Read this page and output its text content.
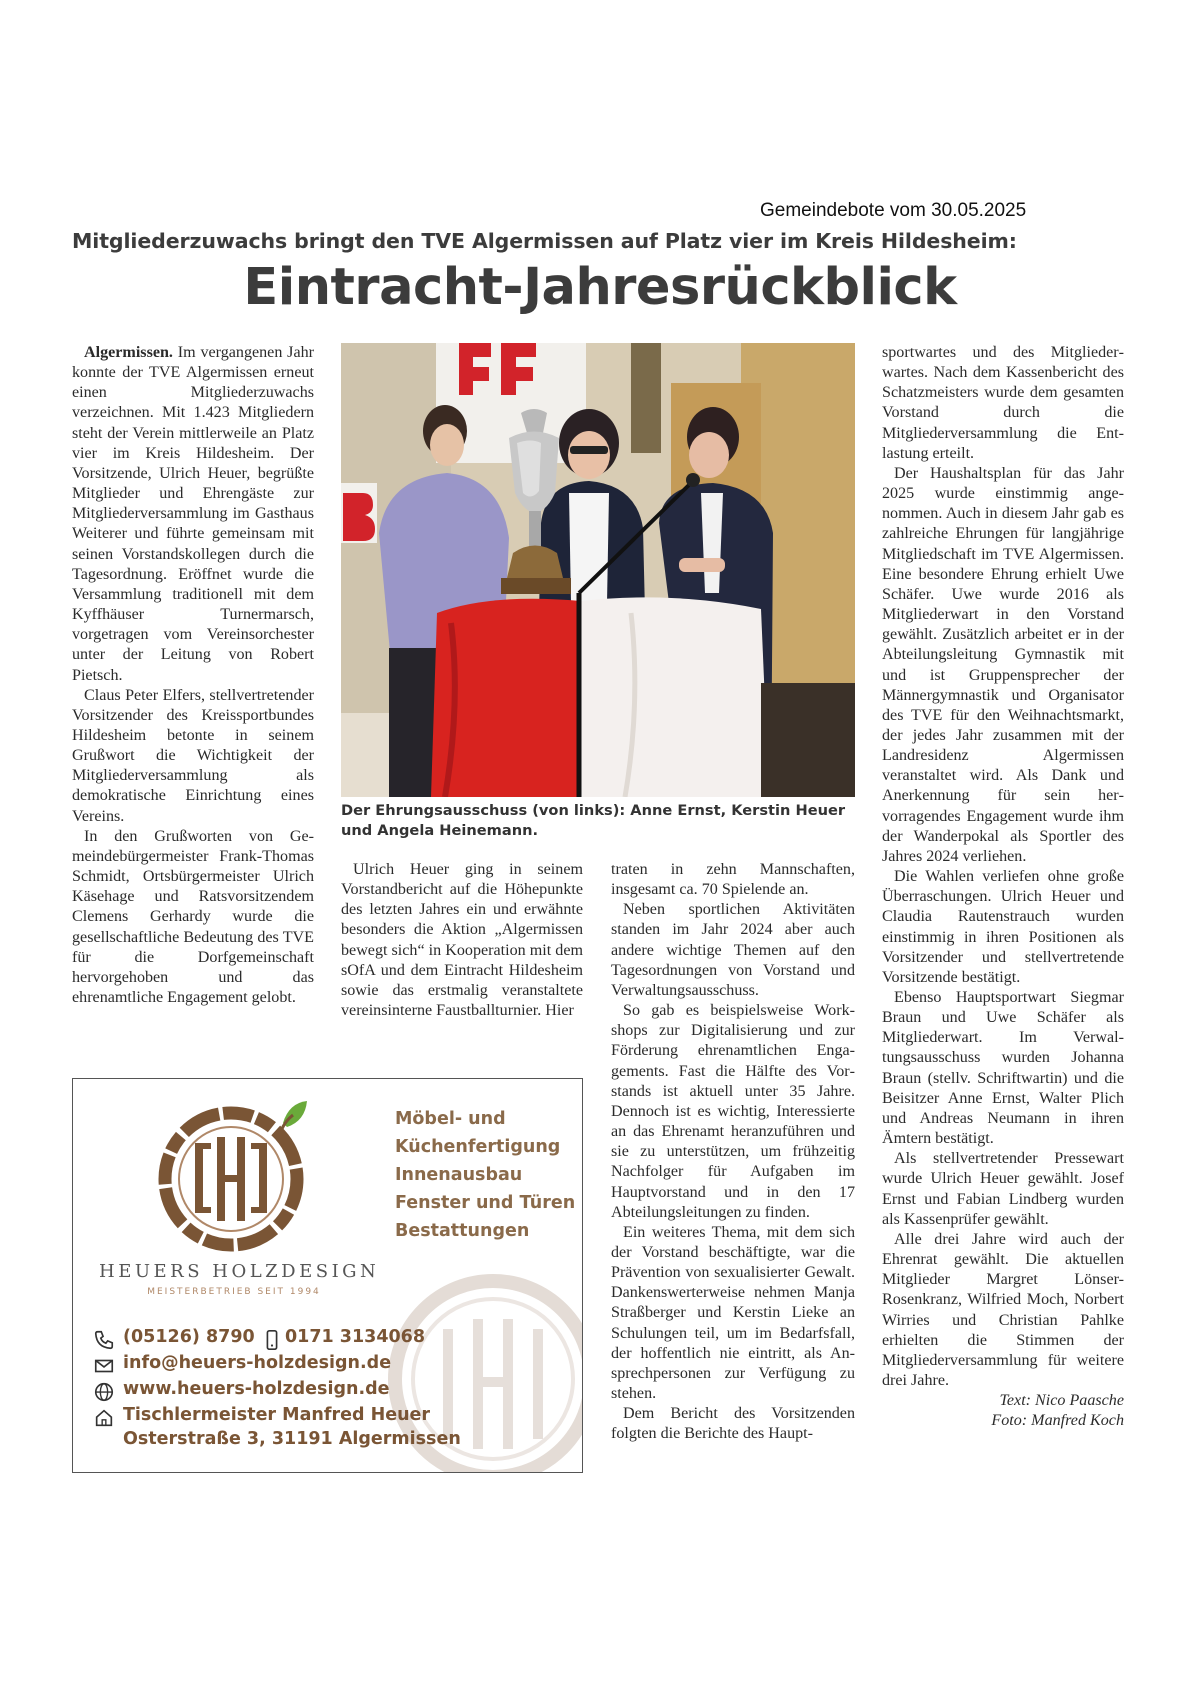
Gemeindebote vom 30.05.2025
Mitgliederzuwachs bringt den TVE Algermissen auf Platz vier im Kreis Hildesheim:
Eintracht-Jahresrückblick

Algermissen. Im vergangenen Jahr konnte der TVE Algermissen erneut einen Mitgliederzuwachs verzeichnen. Mit 1.423 Mitgliedern steht der Verein mittlerweile an Platz vier im Kreis Hildesheim. Der Vorsitzende, Ulrich Heuer, begrüßte Mitglieder und Ehrengäste zur Mitgliederversammlung im Gasthaus Weiterer und führte gemeinsam mit seinen Vorstandskollegen durch die Tagesordnung. Eröffnet wurde die Versammlung traditionell mit dem Kyffhäuser Turnermarsch, vorgetragen vom Vereinsorchester unter der Leitung von Robert Pietsch.

Claus Peter Elfers, stellvertretender Vorsitzender des Kreissportbundes Hildesheim betonte in seinem Grußwort die Wichtigkeit der Mitgliederversammlung als demokratische Einrichtung eines Vereins.

In den Grußworten von Gemeindebürgermeister Frank-Thomas Schmidt, Ortsbürgermeister Ulrich Käsehage und Ratsvorsitzendem Clemens Gerhardy wurde die gesellschaftliche Bedeutung des TVE für die Dorfgemeinschaft hervorgehoben und das ehrenamtliche Engagement gelobt.

Der Ehrungsausschuss (von links): Anne Ernst, Kerstin Heuer und Angela Heinemann.

Ulrich Heuer ging in seinem Vorstandbericht auf die Höhepunkte des letzten Jahres ein und erwähnte besonders die Aktion „Algermissen bewegt sich“ in Kooperation mit dem sOfA und dem Eintracht Hildesheim sowie das erstmalig veranstaltete vereinsinterne Faustballturnier. Hier

traten in zehn Mannschaften, insgesamt ca. 70 Spielende an.

Neben sportlichen Aktivitäten standen im Jahr 2024 aber auch andere wichtige Themen auf den Tagesordnungen von Vorstand und Verwaltungsausschuss.

So gab es beispielsweise Workshops zur Digitalisierung und zur Förderung ehrenamtlichen Engagements. Fast die Hälfte des Vorstands ist aktuell unter 35 Jahre. Dennoch ist es wichtig, Interessierte an das Ehrenamt heranzuführen und sie zu unterstützen, um frühzeitig Nachfolger für Aufgaben im Hauptvorstand und in den 17 Abteilungsleitungen zu finden.

Ein weiteres Thema, mit dem sich der Vorstand beschäftigte, war die Prävention von sexualisierter Gewalt. Dankenswerterweise nehmen Manja Straßberger und Kerstin Lieke an Schulungen teil, um im Bedarfsfall, der hoffentlich nie eintritt, als Ansprechpersonen zur Verfügung zu stehen.

Dem Bericht des Vorsitzenden folgten die Berichte des Haupt-

sportwartes und des Mitgliederwartes. Nach dem Kassenbericht des Schatzmeisters wurde dem gesamten Vorstand durch die Mitgliederversammlung die Entlastung erteilt.

Der Haushaltsplan für das Jahr 2025 wurde einstimmig angenommen. Auch in diesem Jahr gab es zahlreiche Ehrungen für langjährige Mitgliedschaft im TVE Algermissen. Eine besondere Ehrung erhielt Uwe Schäfer. Uwe wurde 2016 als Mitgliederwart in den Vorstand gewählt. Zusätzlich arbeitet er in der Abteilungsleitung Gymnastik mit und ist Gruppensprecher der Männergymnastik und Organisator des TVE für den Weihnachtsmarkt, der jedes Jahr zusammen mit der Landresidenz Algermissen veranstaltet wird. Als Dank und Anerkennung für sein hervorragendes Engagement wurde ihm der Wanderpokal als Sportler des Jahres 2024 verliehen.

Die Wahlen verliefen ohne große Überraschungen. Ulrich Heuer und Claudia Rautenstrauch wurden einstimmig in ihren Positionen als Vorsitzender und stellvertretende Vorsitzende bestätigt.

Ebenso Hauptsportwart Siegmar Braun und Uwe Schäfer als Mitgliederwart. Im Verwaltungsausschuss wurden Johanna Braun (stellv. Schriftwartin) und die Beisitzer Anne Ernst, Walter Plich und Andreas Neumann in ihren Ämtern bestätigt.

Als stellvertretender Pressewart wurde Ulrich Heuer gewählt. Josef Ernst und Fabian Lindberg wurden als Kassenprüfer gewählt.

Alle drei Jahre wird auch der Ehrenrat gewählt. Die aktuellen Mitglieder Margret Lönser-Rosenkranz, Wilfried Moch, Norbert Wirries und Christian Pahlke erhielten die Stimmen der Mitgliederversammlung für weitere drei Jahre.

Text: Nico Paasche
Foto: Manfred Koch
HEUERS HOLZDESIGN
MEISTERBETRIEB SEIT 1994
Möbel- und
Küchenfertigung
Innenausbau
Fenster und Türen
Bestattungen
(05126) 8790 0171 3134068
info@heuers-holzdesign.de
www.heuers-holzdesign.de
Tischlermeister Manfred Heuer
Osterstraße 3, 31191 Algermissen
